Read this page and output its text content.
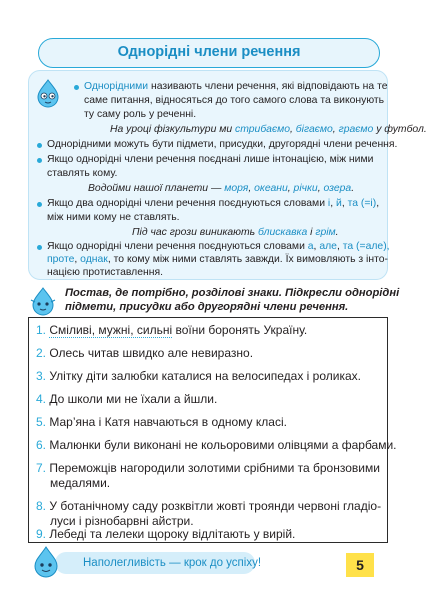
Однорідні члени речення
Однорідними називають члени речення, які відповідають на те
саме питання, відносяться до того самого слова та виконують
ту саму роль у реченні.
На уроці фізкультури ми стрибаємо, бігаємо, граємо у футбол.
Однорідними можуть бути підмети, присудки, другорядні члени речення.
Якщо однорідні члени речення поєднані лише інтонацією, між ними
ставлять кому.
Водойми нашої планети — моря, океани, річки, озера.
Якщо два однорідні члени речення поєднуються словами і, й, та (=і),
між ними кому не ставлять.
Під час грози виникають блискавка і грім.
Якщо однорідні члени речення поєднуються словами а, але, та (=але),
проте, однак, то кому між ними ставлять завжди. Їх вимовляють з інто-
нацією протиставлення.
Постав, де потрібно, розділові знаки. Підкресли однорідні
підмети, присудки або другорядні члени речення.
1. Сміливі, мужні, сильні воїни боронять Україну.
2. Олесь читав швидко але невиразно.
3. Улітку діти залюбки каталися на велосипедах і роликах.
4. До школи ми не їхали а йшли.
5. Мар’яна і Катя навчаються в одному класі.
6. Малюнки були виконані не кольоровими олівцями а фарбами.
7. Переможців нагородили золотими срібними та бронзовими
медалями.
8. У ботанічному саду розквітли жовті троянди червоні гладіо-
луси і різнобарвні айстри.
9. Лебеді та лелеки щороку відлітають у вирій.
Наполегливість — крок до успіху!	5
